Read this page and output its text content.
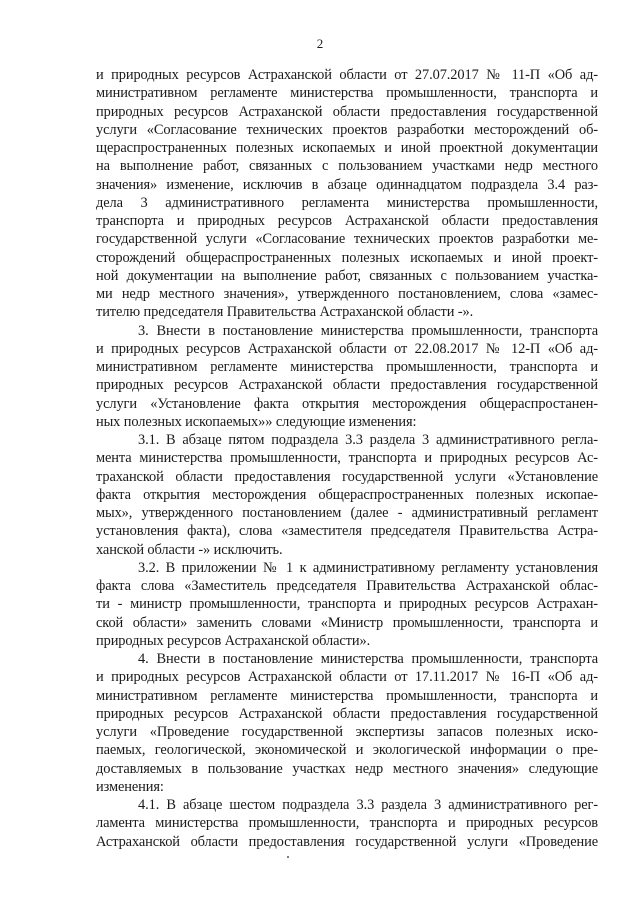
2
и природных ресурсов Астраханской области от 27.07.2017 № 11-П «Об ад-
министративном регламенте министерства промышленности, транспорта и
природных ресурсов Астраханской области предоставления государственной
услуги «Согласование технических проектов разработки месторождений об-
щераспространенных полезных ископаемых и иной проектной документации
на выполнение работ, связанных с пользованием участками недр местного
значения» изменение, исключив в абзаце одиннадцатом подраздела 3.4 раз-
дела 3 административного регламента министерства промышленности,
транспорта и природных ресурсов Астраханской области предоставления
государственной услуги «Согласование технических проектов разработки ме-
сторождений общераспространенных полезных ископаемых и иной проект-
ной документации на выполнение работ, связанных с пользованием участка-
ми недр местного значения», утвержденного постановлением, слова «замес-
тителю председателя Правительства Астраханской области -».
3. Внести в постановление министерства промышленности, транспорта
и природных ресурсов Астраханской области от 22.08.2017 № 12-П «Об ад-
министративном регламенте министерства промышленности, транспорта и
природных ресурсов Астраханской области предоставления государственной
услуги «Установление факта открытия месторождения общераспростанен-
ных полезных ископаемых»» следующие изменения:
3.1. В абзаце пятом подраздела 3.3 раздела 3 административного регла-
мента министерства промышленности, транспорта и природных ресурсов Ас-
траханской области предоставления государственной услуги «Установление
факта открытия месторождения общераспространенных полезных ископае-
мых», утвержденного постановлением (далее - административный регламент
установления факта), слова «заместителя председателя Правительства Астра-
ханской области -» исключить.
3.2. В приложении № 1 к административному регламенту установления
факта слова «Заместитель председателя Правительства Астраханской облас-
ти - министр промышленности, транспорта и природных ресурсов Астрахан-
ской области» заменить словами «Министр промышленности, транспорта и
природных ресурсов Астраханской области».
4. Внести в постановление министерства промышленности, транспорта
и природных ресурсов Астраханской области от 17.11.2017 № 16-П «Об ад-
министративном регламенте министерства промышленности, транспорта и
природных ресурсов Астраханской области предоставления государственной
услуги «Проведение государственной экспертизы запасов полезных иско-
паемых, геологической, экономической и экологической информации о пре-
доставляемых в пользование участках недр местного значения» следующие
изменения:
4.1. В абзаце шестом подраздела 3.3 раздела 3 административного рег-
ламента министерства промышленности, транспорта и природных ресурсов
Астраханской области предоставления государственной услуги «Проведение
